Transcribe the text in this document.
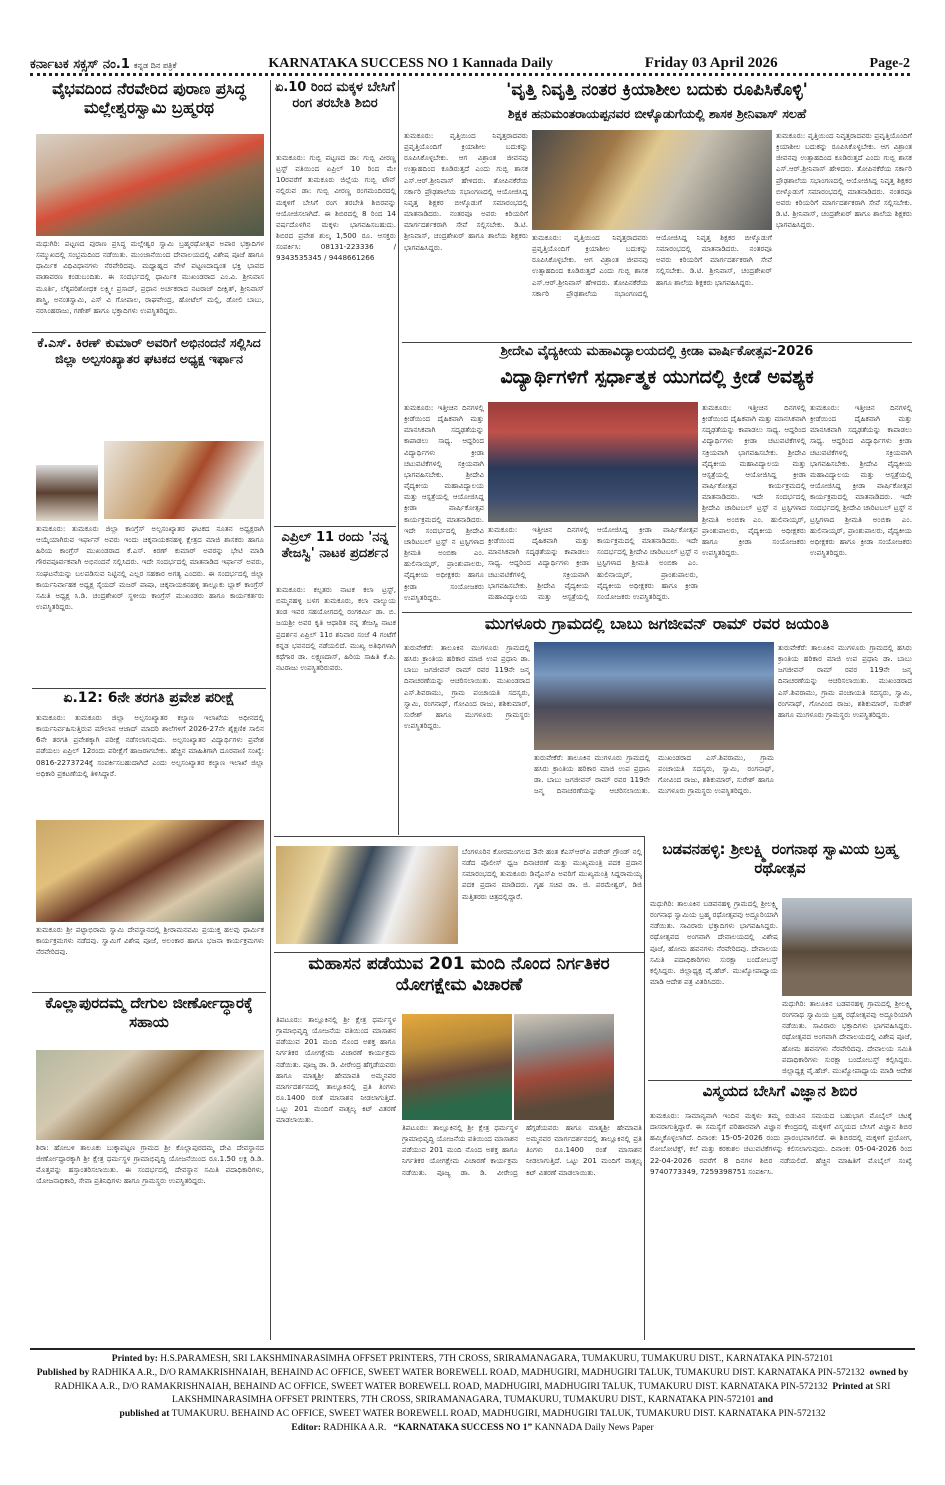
ಕರ್ನಾಟಕ ಸಕ್ಸಸ್ ನಂ.1 ಕನ್ನಡ ದಿನ ಪತ್ರಿಕೆ	KARNATAKA SUCCESS NO 1 Kannada Daily	Friday 03 April 2026	Page-2
ವೈಭವದಿಂದ ನೆರವೇರಿದ ಪುರಾಣ ಪ್ರಸಿದ್ಧ ಮಲ್ಲೇಶ್ವರಸ್ವಾಮಿ ಬ್ರಹ್ಮರಥ
ಮಧುಗಿರಿ: ಪಟ್ಟಣದ ಪುರಾಣ ಪ್ರಸಿದ್ಧ ಮಲ್ಲೇಶ್ವರ ಸ್ವಾಮಿ ಬ್ರಹ್ಮರಥೋತ್ಸವ ಅಪಾರ ಭಕ್ತಾದಿಗಳ ಸಮ್ಮುಖದಲ್ಲಿ ಸಂಭ್ರಮದಿಂದ ನಡೆಯಿತು. ಮುಂಜಾನೆಯಿಂದ ದೇವಾಲಯದಲ್ಲಿ ವಿಶೇಷ ಪೂಜೆ ಹಾಗೂ ಧಾರ್ಮಿಕ ವಿಧಿವಿಧಾನಗಳು ನೆರವೇರಿದವು. ಮಧ್ಯಾಹ್ನದ ವೇಳೆ ಪಟ್ಟಣದಾದ್ಯಂತ ಭಕ್ತಿ ಭಾವದ ವಾತಾವರಣ ಕಂಡುಬಂದಿತು. ಈ ಸಂದರ್ಭದಲ್ಲಿ ಧಾರ್ಮಿಕ ಮುಖಂಡರಾದ ಎಂ.ವಿ. ಶ್ರೀನಿವಾಸ ಮೂರ್ತಿ, ಲೆಕ್ಕಪರಿಶೋಧಕ ಲಕ್ಷ್ಮೀ ಪ್ರಸಾದ್, ಪ್ರಧಾನ ಅರ್ಚಕರಾದ ನಟರಾಜ್ ದೀಕ್ಷಿತ್, ಶ್ರೀನಿವಾಸ್ ಶಾಸ್ತ್ರಿ, ಅನಂತಸ್ವಾಮಿ, ಎಸ್ ವಿ ಗೋಪಾಲ, ರಾಘವೇಂದ್ರ, ಹೋಟೆಲ್ ಮಲ್ಲಿ, ಡೋಲಿ ಬಾಬು, ನರಸಿಂಹರಾಜು, ಗಣೇಶ್ ಹಾಗೂ ಭಕ್ತಾದಿಗಳು ಉಪಸ್ಥಿತರಿದ್ದರು.
ಕೆ.ಎಸ್. ಕಿರಣ್ ಕುಮಾರ್ ಅವರಿಗೆ ಅಭಿನಂದನೆ ಸಲ್ಲಿಸಿದ ಜಿಲ್ಲಾ ಅಲ್ಪಸಂಖ್ಯಾತರ ಘಟಕದ ಅಧ್ಯಕ್ಷ ಇರ್ಫಾನ
ತುಮಕೂರು: ತುಮಕೂರು ಜಿಲ್ಲಾ ಕಾಂಗ್ರೆಸ್ ಅಲ್ಪಸಂಖ್ಯಾತರ ಘಟಕದ ನೂತನ ಅಧ್ಯಕ್ಷರಾಗಿ ಆಯ್ಕೆಯಾಗಿರುವ ಇರ್ಫಾನ್ ಅವರು ಇಂದು ಚಿಕ್ಕನಾಯಕನಹಳ್ಳಿ ಕ್ಷೇತ್ರದ ಮಾಜಿ ಶಾಸಕರು ಹಾಗೂ ಹಿರಿಯ ಕಾಂಗ್ರೆಸ್ ಮುಖಂಡರಾದ ಕೆ.ಎಸ್. ಕಿರಣ್ ಕುಮಾರ್ ಅವರನ್ನು ಭೇಟಿ ಮಾಡಿ ಗೌರವಪೂರ್ವಕವಾಗಿ ಅಭಿನಂದನೆ ಸಲ್ಲಿಸಿದರು. ಇದೇ ಸಂದರ್ಭದಲ್ಲಿ ಮಾತನಾಡಿದ ಇರ್ಫಾನ್ ಅವರು, ಸಂಘಟನೆಯನ್ನು ಬಲಪಡಿಸುವ ನಿಟ್ಟಿನಲ್ಲಿ ಎಲ್ಲರ ಸಹಕಾರ ಅಗತ್ಯ ಎಂದರು. ಈ ಸಂದರ್ಭದಲ್ಲಿ ಜಿಲ್ಲಾ ಕಾರ್ಯನಿರ್ವಾಹಕ ಅಧ್ಯಕ್ಷ ಸೈಯದ್ ಮಜರ್ ಪಾಷಾ, ಚಿಕ್ಕನಾಯಕನಹಳ್ಳಿ ತಾಲ್ಲೂಕು ಬ್ಲಾಕ್ ಕಾಂಗ್ರೆಸ್ ಸಮಿತಿ ಅಧ್ಯಕ್ಷ ಸಿ.ಡಿ. ಚಂದ್ರಶೇಖರ್ ಸ್ಥಳೀಯ ಕಾಂಗ್ರೆಸ್ ಮುಖಂಡರು ಹಾಗೂ ಕಾರ್ಯಕರ್ತರು ಉಪಸ್ಥಿತರಿದ್ದರು.
ಏ.12: 6ನೇ ತರಗತಿ ಪ್ರವೇಶ ಪರೀಕ್ಷೆ
ತುಮಕೂರು: ತುಮಕೂರು ಜಿಲ್ಲಾ ಅಲ್ಪಸಂಖ್ಯಾತರ ಕಲ್ಯಾಣ ಇಲಾಖೆಯ ಅಧೀನದಲ್ಲಿ ಕಾರ್ಯನಿರ್ವಹಿಸುತ್ತಿರುವ ಮೌಲಾನ ಆಜಾದ್ ಮಾದರಿ ಶಾಲೆಗಳಿಗೆ 2026-27ನೇ ಶೈಕ್ಷಣಿಕ ಸಾಲಿನ 6ನೇ ತರಗತಿ ಪ್ರವೇಶಕ್ಕಾಗಿ ಪರೀಕ್ಷೆ ನಡೆಸಲಾಗುವುದು. ಅಲ್ಪಸಂಖ್ಯಾತರ ವಿದ್ಯಾರ್ಥಿಗಳು ಪ್ರವೇಶ ಪಡೆಯಲು ಏಪ್ರಿಲ್ 12ರಂದು ಪರೀಕ್ಷೆಗೆ ಹಾಜರಾಗಬೇಕು. ಹೆಚ್ಚಿನ ಮಾಹಿತಿಗಾಗಿ ದೂರವಾಣಿ ಸಂಖ್ಯೆ: 0816-2273724ಕ್ಕೆ ಸಂಪರ್ಕಿಸಬಹುದಾಗಿದೆ ಎಂದು ಅಲ್ಪಸಂಖ್ಯಾತರ ಕಲ್ಯಾಣ ಇಲಾಖೆ ಜಿಲ್ಲಾ ಅಧಿಕಾರಿ ಪ್ರಕಟಣೆಯಲ್ಲಿ ತಿಳಿಸಿದ್ದಾರೆ.
ತುಮಕೂರು ಶ್ರೀ ಪಟ್ಟಾಭಿರಾಮ ಸ್ವಾಮಿ ದೇವಸ್ಥಾನದಲ್ಲಿ ಶ್ರೀರಾಮನವಮಿ ಪ್ರಯುಕ್ತ ಹಲವು ಧಾರ್ಮಿಕ ಕಾರ್ಯಕ್ರಮಗಳು ನಡೆದವು. ಸ್ವಾಮಿಗೆ ವಿಶೇಷ ಪೂಜೆ, ಅಲಂಕಾರ ಹಾಗೂ ಭಜನಾ ಕಾರ್ಯಕ್ರಮಗಳು ನೆರವೇರಿದವು.
ಕೊಲ್ಲಾಪುರದಮ್ಮ ದೇಗುಲ ಜೀರ್ಣೋದ್ಧಾರಕ್ಕೆ ಸಹಾಯ
ಶಿರಾ: ಹೋಬಳಿ ತಾಲೂಕು ಬುಕ್ಕಾಪಟ್ಟಣ ಗ್ರಾಮದ ಶ್ರೀ ಕೊಲ್ಲಾಪುರದಮ್ಮ ದೇವಿ ದೇವಸ್ಥಾನದ ಜೀರ್ಣೋದ್ಧಾರಕ್ಕಾಗಿ ಶ್ರೀ ಕ್ಷೇತ್ರ ಧರ್ಮಸ್ಥಳ ಗ್ರಾಮಾಭಿವೃದ್ಧಿ ಯೋಜನೆಯಿಂದ ರೂ.1.50 ಲಕ್ಷ ಡಿ.ಡಿ. ಮೊತ್ತವನ್ನು ಹಸ್ತಾಂತರಿಸಲಾಯಿತು. ಈ ಸಂದರ್ಭದಲ್ಲಿ ದೇವಸ್ಥಾನ ಸಮಿತಿ ಪದಾಧಿಕಾರಿಗಳು, ಯೋಜನಾಧಿಕಾರಿ, ಸೇವಾ ಪ್ರತಿನಿಧಿಗಳು ಹಾಗೂ ಗ್ರಾಮಸ್ಥರು ಉಪಸ್ಥಿತರಿದ್ದರು.
ಏ.10 ರಿಂದ ಮಕ್ಕಳ ಬೇಸಿಗೆ ರಂಗ ತರಬೇತಿ ಶಿಬಿರ
ತುಮಕೂರು: ಗುಬ್ಬಿ ಪಟ್ಟಣದ ಡಾ: ಗುಬ್ಬಿ ವೀರಣ್ಣ ಟ್ರಸ್ಟ್ ವತಿಯಿಂದ ಏಪ್ರಿಲ್ 10 ರಿಂದ ಮೇ 10ರವರೆಗೆ ತುಮಕೂರು ಜಿಲ್ಲೆಯ ಗುಬ್ಬಿ ಟೌನ್ ನಲ್ಲಿರುವ ಡಾ: ಗುಬ್ಬಿ ವೀರಣ್ಣ ರಂಗಮಂದಿರದಲ್ಲಿ ಮಕ್ಕಳಿಗೆ ಬೇಸಿಗೆ ರಂಗ ತರಬೇತಿ ಶಿಬಿರವನ್ನು ಆಯೋಜಿಸಲಾಗಿದೆ. ಈ ಶಿಬಿರದಲ್ಲಿ 8 ರಿಂದ 14 ವರ್ಷದೊಳಗಿನ ಮಕ್ಕಳು ಭಾಗವಹಿಸಬಹುದು. ಶಿಬಿರದ ಪ್ರವೇಶ ಶುಲ್ಕ 1,500 ರೂ. ಆಸಕ್ತರು ಸಂಪರ್ಕಿಸಿ: 08131-223336 / 9343535345 / 9448661266
ಎಪ್ರಿಲ್ 11 ರಂದು 'ನನ್ನ ತೇಜಸ್ವಿ' ನಾಟಕ ಪ್ರದರ್ಶನ
ತುಮಕೂರು: ಕಲ್ಪತರು ನಾಟಕ ಕಲಾ ಟ್ರಸ್ಟ್, ಬಿಮ್ಮನಹಳ್ಳಿ ಬಳಗ ತುಮಕೂರು, ಕಲಾ ವಾಲ್ಯುಯ ತಂಡ ಇವರ ಸಹಯೋಗದಲ್ಲಿ ರಂಗಕರ್ಮಿ ಡಾ. ಬಿ. ಜಯಶ್ರೀ ಅವರ ಕೃತಿ ಆಧಾರಿತ ನನ್ನ ತೇಜಸ್ವಿ ನಾಟಕ ಪ್ರದರ್ಶನ ಏಪ್ರಿಲ್ 11ರ ಶನಿವಾರ ಸಂಜೆ 4 ಗಂಟೆಗೆ ಕನ್ನಡ ಭವನದಲ್ಲಿ ನಡೆಯಲಿದೆ. ಮುಖ್ಯ ಅತಿಥಿಗಳಾಗಿ ಕಥೆಗಾರ ಡಾ. ಲಕ್ಷ್ಮಣದಾಸ್, ಹಿರಿಯ ಸಾಹಿತಿ ಕೆ.ಪಿ. ನಟರಾಜು ಉಪಸ್ಥಿತರಿರುವರು.
'ವೃತ್ತಿ ನಿವೃತ್ತಿ ನಂತರ ಕ್ರಿಯಾಶೀಲ ಬದುಕು ರೂಪಿಸಿಕೊಳ್ಳಿ'
ಶಿಕ್ಷಕ ಹನುಮಂತರಾಯಪ್ಪನವರ ಬೀಳ್ಕೊಡುಗೆಯಲ್ಲಿ ಶಾಸಕ ಶ್ರೀನಿವಾಸ್ ಸಲಹೆ
ತುಮಕೂರು: ವೃತ್ತಿಯಿಂದ ನಿವೃತ್ತರಾದವರು ಪ್ರವೃತ್ತಿಯೊಂದಿಗೆ ಕ್ರಿಯಾಶೀಲ ಬದುಕನ್ನು ರೂಪಿಸಿಕೊಳ್ಳಬೇಕು. ಆಗ ವಿಶ್ರಾಂತ ಜೀವನವು ಉತ್ಸಾಹದಿಂದ ಕೂಡಿರುತ್ತದೆ ಎಂದು ಗುಬ್ಬಿ ಶಾಸಕ ಎಸ್.ಆರ್.ಶ್ರೀನಿವಾಸ್ ಹೇಳಿದರು. ತೋಪಿನಕೆರೆಯ ಸರ್ಕಾರಿ ಪ್ರೌಢಶಾಲೆಯ ಸಭಾಂಗಣದಲ್ಲಿ ಆಯೋಜಿಸಿದ್ದ ನಿವೃತ್ತ ಶಿಕ್ಷಕರ ಬೀಳ್ಕೊಡುಗೆ ಸಮಾರಂಭದಲ್ಲಿ ಮಾತನಾಡಿದರು. ನಂತರವೂ ಅವರು ಕಿರಿಯರಿಗೆ ಮಾರ್ಗದರ್ಶಕರಾಗಿ ಸೇವೆ ಸಲ್ಲಿಸಬೇಕು. ಡಿ.ಟಿ. ಶ್ರೀನಿವಾಸ್, ಚಂದ್ರಶೇಖರ್ ಹಾಗೂ ಶಾಲೆಯ ಶಿಕ್ಷಕರು ಭಾಗವಹಿಸಿದ್ದರು.
ತುಮಕೂರು: ವೃತ್ತಿಯಿಂದ ನಿವೃತ್ತರಾದವರು ಪ್ರವೃತ್ತಿಯೊಂದಿಗೆ ಕ್ರಿಯಾಶೀಲ ಬದುಕನ್ನು ರೂಪಿಸಿಕೊಳ್ಳಬೇಕು. ಆಗ ವಿಶ್ರಾಂತ ಜೀವನವು ಉತ್ಸಾಹದಿಂದ ಕೂಡಿರುತ್ತದೆ ಎಂದು ಗುಬ್ಬಿ ಶಾಸಕ ಎಸ್.ಆರ್.ಶ್ರೀನಿವಾಸ್ ಹೇಳಿದರು. ತೋಪಿನಕೆರೆಯ ಸರ್ಕಾರಿ ಪ್ರೌಢಶಾಲೆಯ ಸಭಾಂಗಣದಲ್ಲಿ ಆಯೋಜಿಸಿದ್ದ ನಿವೃತ್ತ ಶಿಕ್ಷಕರ ಬೀಳ್ಕೊಡುಗೆ ಸಮಾರಂಭದಲ್ಲಿ ಮಾತನಾಡಿದರು. ನಂತರವೂ ಅವರು ಕಿರಿಯರಿಗೆ ಮಾರ್ಗದರ್ಶಕರಾಗಿ ಸೇವೆ ಸಲ್ಲಿಸಬೇಕು. ಡಿ.ಟಿ. ಶ್ರೀನಿವಾಸ್, ಚಂದ್ರಶೇಖರ್ ಹಾಗೂ ಶಾಲೆಯ ಶಿಕ್ಷಕರು ಭಾಗವಹಿಸಿದ್ದರು.
ತುಮಕೂರು: ವೃತ್ತಿಯಿಂದ ನಿವೃತ್ತರಾದವರು ಪ್ರವೃತ್ತಿಯೊಂದಿಗೆ ಕ್ರಿಯಾಶೀಲ ಬದುಕನ್ನು ರೂಪಿಸಿಕೊಳ್ಳಬೇಕು. ಆಗ ವಿಶ್ರಾಂತ ಜೀವನವು ಉತ್ಸಾಹದಿಂದ ಕೂಡಿರುತ್ತದೆ ಎಂದು ಗುಬ್ಬಿ ಶಾಸಕ ಎಸ್.ಆರ್.ಶ್ರೀನಿವಾಸ್ ಹೇಳಿದರು. ತೋಪಿನಕೆರೆಯ ಸರ್ಕಾರಿ ಪ್ರೌಢಶಾಲೆಯ ಸಭಾಂಗಣದಲ್ಲಿ ಆಯೋಜಿಸಿದ್ದ ನಿವೃತ್ತ ಶಿಕ್ಷಕರ ಬೀಳ್ಕೊಡುಗೆ ಸಮಾರಂಭದಲ್ಲಿ ಮಾತನಾಡಿದರು. ನಂತರವೂ ಅವರು ಕಿರಿಯರಿಗೆ ಮಾರ್ಗದರ್ಶಕರಾಗಿ ಸೇವೆ ಸಲ್ಲಿಸಬೇಕು. ಡಿ.ಟಿ. ಶ್ರೀನಿವಾಸ್, ಚಂದ್ರಶೇಖರ್ ಹಾಗೂ ಶಾಲೆಯ ಶಿಕ್ಷಕರು ಭಾಗವಹಿಸಿದ್ದರು.
ಶ್ರೀದೇವಿ ವೈದ್ಯಕೀಯ ಮಹಾವಿದ್ಯಾಲಯದಲ್ಲಿ ಕ್ರೀಡಾ ವಾರ್ಷಿಕೋತ್ಸವ-2026
ವಿದ್ಯಾರ್ಥಿಗಳಿಗೆ ಸ್ಪರ್ಧಾತ್ಮಕ ಯುಗದಲ್ಲಿ ಕ್ರೀಡೆ ಅವಶ್ಯಕ
ತುಮಕೂರು: ಇತ್ತೀಚಿನ ದಿನಗಳಲ್ಲಿ ಕ್ರೀಡೆಯಿಂದ ದೈಹಿಕವಾಗಿ ಮತ್ತು ಮಾನಸಿಕವಾಗಿ ಸದೃಢತೆಯನ್ನು ಕಾಪಾಡಲು ಸಾಧ್ಯ. ಆದ್ದರಿಂದ ವಿದ್ಯಾರ್ಥಿಗಳು ಕ್ರೀಡಾ ಚಟುವಟಿಕೆಗಳಲ್ಲಿ ಸಕ್ರಿಯವಾಗಿ ಭಾಗವಹಿಸಬೇಕು. ಶ್ರೀದೇವಿ ವೈದ್ಯಕೀಯ ಮಹಾವಿದ್ಯಾಲಯ ಮತ್ತು ಆಸ್ಪತ್ರೆಯಲ್ಲಿ ಆಯೋಜಿಸಿದ್ದ ಕ್ರೀಡಾ ವಾರ್ಷಿಕೋತ್ಸವ ಕಾರ್ಯಕ್ರಮದಲ್ಲಿ ಮಾತನಾಡಿದರು. ಇದೇ ಸಂದರ್ಭದಲ್ಲಿ ಶ್ರೀದೇವಿ ಚಾರಿಟಬಲ್ ಟ್ರಸ್ಟ್ ನ ಟ್ರಸ್ಟಿಗಳಾದ ಶ್ರೀಮತಿ ಅಂಬಿಕಾ ಎಂ. ಹುಲಿನಾಯ್ಕರ್, ಪ್ರಾಂಶುಪಾಲರು, ವೈದ್ಯಕೀಯ ಅಧೀಕ್ಷಕರು ಹಾಗೂ ಕ್ರೀಡಾ ಸಂಯೋಜಕರು ಉಪಸ್ಥಿತರಿದ್ದರು.
ತುಮಕೂರು: ಇತ್ತೀಚಿನ ದಿನಗಳಲ್ಲಿ ಕ್ರೀಡೆಯಿಂದ ದೈಹಿಕವಾಗಿ ಮತ್ತು ಮಾನಸಿಕವಾಗಿ ಸದೃಢತೆಯನ್ನು ಕಾಪಾಡಲು ಸಾಧ್ಯ. ಆದ್ದರಿಂದ ವಿದ್ಯಾರ್ಥಿಗಳು ಕ್ರೀಡಾ ಚಟುವಟಿಕೆಗಳಲ್ಲಿ ಸಕ್ರಿಯವಾಗಿ ಭಾಗವಹಿಸಬೇಕು. ಶ್ರೀದೇವಿ ವೈದ್ಯಕೀಯ ಮಹಾವಿದ್ಯಾಲಯ ಮತ್ತು ಆಸ್ಪತ್ರೆಯಲ್ಲಿ ಆಯೋಜಿಸಿದ್ದ ಕ್ರೀಡಾ ವಾರ್ಷಿಕೋತ್ಸವ ಕಾರ್ಯಕ್ರಮದಲ್ಲಿ ಮಾತನಾಡಿದರು. ಇದೇ ಸಂದರ್ಭದಲ್ಲಿ ಶ್ರೀದೇವಿ ಚಾರಿಟಬಲ್ ಟ್ರಸ್ಟ್ ನ ಟ್ರಸ್ಟಿಗಳಾದ ಶ್ರೀಮತಿ ಅಂಬಿಕಾ ಎಂ. ಹುಲಿನಾಯ್ಕರ್, ಪ್ರಾಂಶುಪಾಲರು, ವೈದ್ಯಕೀಯ ಅಧೀಕ್ಷಕರು ಹಾಗೂ ಕ್ರೀಡಾ ಸಂಯೋಜಕರು ಉಪಸ್ಥಿತರಿದ್ದರು.
ತುಮಕೂರು: ಇತ್ತೀಚಿನ ದಿನಗಳಲ್ಲಿ ಕ್ರೀಡೆಯಿಂದ ದೈಹಿಕವಾಗಿ ಮತ್ತು ಮಾನಸಿಕವಾಗಿ ಸದೃಢತೆಯನ್ನು ಕಾಪಾಡಲು ಸಾಧ್ಯ. ಆದ್ದರಿಂದ ವಿದ್ಯಾರ್ಥಿಗಳು ಕ್ರೀಡಾ ಚಟುವಟಿಕೆಗಳಲ್ಲಿ ಸಕ್ರಿಯವಾಗಿ ಭಾಗವಹಿಸಬೇಕು. ಶ್ರೀದೇವಿ ವೈದ್ಯಕೀಯ ಮಹಾವಿದ್ಯಾಲಯ ಮತ್ತು ಆಸ್ಪತ್ರೆಯಲ್ಲಿ ಆಯೋಜಿಸಿದ್ದ ಕ್ರೀಡಾ ವಾರ್ಷಿಕೋತ್ಸವ ಕಾರ್ಯಕ್ರಮದಲ್ಲಿ ಮಾತನಾಡಿದರು. ಇದೇ ಸಂದರ್ಭದಲ್ಲಿ ಶ್ರೀದೇವಿ ಚಾರಿಟಬಲ್ ಟ್ರಸ್ಟ್ ನ ಟ್ರಸ್ಟಿಗಳಾದ ಶ್ರೀಮತಿ ಅಂಬಿಕಾ ಎಂ. ಹುಲಿನಾಯ್ಕರ್, ಪ್ರಾಂಶುಪಾಲರು, ವೈದ್ಯಕೀಯ ಅಧೀಕ್ಷಕರು ಹಾಗೂ ಕ್ರೀಡಾ ಸಂಯೋಜಕರು ಉಪಸ್ಥಿತರಿದ್ದರು.
ತುಮಕೂರು: ಇತ್ತೀಚಿನ ದಿನಗಳಲ್ಲಿ ಕ್ರೀಡೆಯಿಂದ ದೈಹಿಕವಾಗಿ ಮತ್ತು ಮಾನಸಿಕವಾಗಿ ಸದೃಢತೆಯನ್ನು ಕಾಪಾಡಲು ಸಾಧ್ಯ. ಆದ್ದರಿಂದ ವಿದ್ಯಾರ್ಥಿಗಳು ಕ್ರೀಡಾ ಚಟುವಟಿಕೆಗಳಲ್ಲಿ ಸಕ್ರಿಯವಾಗಿ ಭಾಗವಹಿಸಬೇಕು. ಶ್ರೀದೇವಿ ವೈದ್ಯಕೀಯ ಮಹಾವಿದ್ಯಾಲಯ ಮತ್ತು ಆಸ್ಪತ್ರೆಯಲ್ಲಿ ಆಯೋಜಿಸಿದ್ದ ಕ್ರೀಡಾ ವಾರ್ಷಿಕೋತ್ಸವ ಕಾರ್ಯಕ್ರಮದಲ್ಲಿ ಮಾತನಾಡಿದರು. ಇದೇ ಸಂದರ್ಭದಲ್ಲಿ ಶ್ರೀದೇವಿ ಚಾರಿಟಬಲ್ ಟ್ರಸ್ಟ್ ನ ಟ್ರಸ್ಟಿಗಳಾದ ಶ್ರೀಮತಿ ಅಂಬಿಕಾ ಎಂ. ಹುಲಿನಾಯ್ಕರ್, ಪ್ರಾಂಶುಪಾಲರು, ವೈದ್ಯಕೀಯ ಅಧೀಕ್ಷಕರು ಹಾಗೂ ಕ್ರೀಡಾ ಸಂಯೋಜಕರು ಉಪಸ್ಥಿತರಿದ್ದರು.
ಮುಗಳೂರು ಗ್ರಾಮದಲ್ಲಿ ಬಾಬು ಜಗಜೀವನ್ ರಾಮ್ ರವರ ಜಯಂತಿ
ತುರುವೇಕೆರೆ: ತಾಲೂಕಿನ ಮುಗಳೂರು ಗ್ರಾಮದಲ್ಲಿ ಹಸಿರು ಕ್ರಾಂತಿಯ ಹರಿಕಾರ ಮಾಜಿ ಉಪ ಪ್ರಧಾನಿ ಡಾ. ಬಾಬು ಜಗಜೀವನ್ ರಾಮ್ ರವರ 119ನೇ ಜನ್ಮ ದಿನಾಚರಣೆಯನ್ನು ಆಚರಿಸಲಾಯಿತು. ಮುಖಂಡರಾದ ಎಸ್.ಶಿವರಾಮು, ಗ್ರಾಮ ಪಂಚಾಯತಿ ಸದಸ್ಯರು, ಸ್ವಾಮಿ, ರಂಗನಾಥ್, ಗೋವಿಂದ ರಾಜು, ಶಶಿಕುಮಾರ್, ಸುರೇಶ್ ಹಾಗೂ ಮುಗಳೂರು ಗ್ರಾಮಸ್ಥರು ಉಪಸ್ಥಿತರಿದ್ದರು.
ತುರುವೇಕೆರೆ: ತಾಲೂಕಿನ ಮುಗಳೂರು ಗ್ರಾಮದಲ್ಲಿ ಹಸಿರು ಕ್ರಾಂತಿಯ ಹರಿಕಾರ ಮಾಜಿ ಉಪ ಪ್ರಧಾನಿ ಡಾ. ಬಾಬು ಜಗಜೀವನ್ ರಾಮ್ ರವರ 119ನೇ ಜನ್ಮ ದಿನಾಚರಣೆಯನ್ನು ಆಚರಿಸಲಾಯಿತು. ಮುಖಂಡರಾದ ಎಸ್.ಶಿವರಾಮು, ಗ್ರಾಮ ಪಂಚಾಯತಿ ಸದಸ್ಯರು, ಸ್ವಾಮಿ, ರಂಗನಾಥ್, ಗೋವಿಂದ ರಾಜು, ಶಶಿಕುಮಾರ್, ಸುರೇಶ್ ಹಾಗೂ ಮುಗಳೂರು ಗ್ರಾಮಸ್ಥರು ಉಪಸ್ಥಿತರಿದ್ದರು.
ತುರುವೇಕೆರೆ: ತಾಲೂಕಿನ ಮುಗಳೂರು ಗ್ರಾಮದಲ್ಲಿ ಹಸಿರು ಕ್ರಾಂತಿಯ ಹರಿಕಾರ ಮಾಜಿ ಉಪ ಪ್ರಧಾನಿ ಡಾ. ಬಾಬು ಜಗಜೀವನ್ ರಾಮ್ ರವರ 119ನೇ ಜನ್ಮ ದಿನಾಚರಣೆಯನ್ನು ಆಚರಿಸಲಾಯಿತು. ಮುಖಂಡರಾದ ಎಸ್.ಶಿವರಾಮು, ಗ್ರಾಮ ಪಂಚಾಯತಿ ಸದಸ್ಯರು, ಸ್ವಾಮಿ, ರಂಗನಾಥ್, ಗೋವಿಂದ ರಾಜು, ಶಶಿಕುಮಾರ್, ಸುರೇಶ್ ಹಾಗೂ ಮುಗಳೂರು ಗ್ರಾಮಸ್ಥರು ಉಪಸ್ಥಿತರಿದ್ದರು.
ಬೆಂಗಳೂರಿನ ಕೋರಮಂಗಲದ 3ನೇ ಹಂತ ಕೆಎಸ್ಆರ್‌ಪಿ ಪರೇಡ್ ಗ್ರೌಂಡ್ ನಲ್ಲಿ ನಡೆದ ಪೊಲೀಸ್ ಧ್ವಜ ದಿನಾಚರಣೆ ಮತ್ತು ಮುಖ್ಯಮಂತ್ರಿ ಪದಕ ಪ್ರದಾನ ಸಮಾರಂಭದಲ್ಲಿ ತುಮಕೂರು ಡಿವೈಎಸ್‌ಪಿ ಅವರಿಗೆ ಮುಖ್ಯಮಂತ್ರಿ ಸಿದ್ದರಾಮಯ್ಯ ಪದಕ ಪ್ರದಾನ ಮಾಡಿದರು. ಗೃಹ ಸಚಿವ ಡಾ. ಜಿ. ಪರಮೇಶ್ವರ್, ಡಿಜಿ ಮತ್ತಿತರರು ಚಿತ್ರದಲ್ಲಿದ್ದಾರೆ.
ಮಹಾಸನ ಪಡೆಯುವ 201 ಮಂದಿ ನೊಂದ ನಿರ್ಗತಿಕರ ಯೋಗಕ್ಷೇಮ ವಿಚಾರಣೆ
ತಿಪಟೂರು: ತಾಲ್ಲೂಕಿನಲ್ಲಿ ಶ್ರೀ ಕ್ಷೇತ್ರ ಧರ್ಮಸ್ಥಳ ಗ್ರಾಮಾಭಿವೃದ್ಧಿ ಯೋಜನೆಯ ವತಿಯಿಂದ ಮಾಸಾಶನ ಪಡೆಯುವ 201 ಮಂದಿ ನೊಂದ ಅಶಕ್ತ ಹಾಗೂ ನಿರ್ಗತಿಕರ ಯೋಗಕ್ಷೇಮ ವಿಚಾರಣೆ ಕಾರ್ಯಕ್ರಮ ನಡೆಯಿತು. ಪೂಜ್ಯ ಡಾ. ಡಿ. ವೀರೇಂದ್ರ ಹೆಗ್ಗಡೆಯವರು ಹಾಗೂ ಮಾತೃಶ್ರೀ ಹೇಮಾವತಿ ಅಮ್ಮನವರ ಮಾರ್ಗದರ್ಶನದಲ್ಲಿ ತಾಲ್ಲೂಕಿನಲ್ಲಿ ಪ್ರತಿ ತಿಂಗಳು ರೂ.1400 ರಂತೆ ಮಾಸಾಶನ ನೀಡಲಾಗುತ್ತಿದೆ. ಒಟ್ಟು 201 ಮಂದಿಗೆ ವಾತ್ಸಲ್ಯ ಕಿಟ್ ವಿತರಣೆ ಮಾಡಲಾಯಿತು.
ತಿಪಟೂರು: ತಾಲ್ಲೂಕಿನಲ್ಲಿ ಶ್ರೀ ಕ್ಷೇತ್ರ ಧರ್ಮಸ್ಥಳ ಗ್ರಾಮಾಭಿವೃದ್ಧಿ ಯೋಜನೆಯ ವತಿಯಿಂದ ಮಾಸಾಶನ ಪಡೆಯುವ 201 ಮಂದಿ ನೊಂದ ಅಶಕ್ತ ಹಾಗೂ ನಿರ್ಗತಿಕರ ಯೋಗಕ್ಷೇಮ ವಿಚಾರಣೆ ಕಾರ್ಯಕ್ರಮ ನಡೆಯಿತು. ಪೂಜ್ಯ ಡಾ. ಡಿ. ವೀರೇಂದ್ರ ಹೆಗ್ಗಡೆಯವರು ಹಾಗೂ ಮಾತೃಶ್ರೀ ಹೇಮಾವತಿ ಅಮ್ಮನವರ ಮಾರ್ಗದರ್ಶನದಲ್ಲಿ ತಾಲ್ಲೂಕಿನಲ್ಲಿ ಪ್ರತಿ ತಿಂಗಳು ರೂ.1400 ರಂತೆ ಮಾಸಾಶನ ನೀಡಲಾಗುತ್ತಿದೆ. ಒಟ್ಟು 201 ಮಂದಿಗೆ ವಾತ್ಸಲ್ಯ ಕಿಟ್ ವಿತರಣೆ ಮಾಡಲಾಯಿತು.
ಬಡವನಹಳ್ಳಿ: ಶ್ರೀಲಕ್ಷ್ಮಿ ರಂಗನಾಥ ಸ್ವಾಮಿಯ ಬ್ರಹ್ಮ ರಥೋತ್ಸವ
ಮಧುಗಿರಿ: ತಾಲೂಕಿನ ಬಡವನಹಳ್ಳಿ ಗ್ರಾಮದಲ್ಲಿ ಶ್ರೀಲಕ್ಷ್ಮಿ ರಂಗನಾಥ ಸ್ವಾಮಿಯ ಬ್ರಹ್ಮ ರಥೋತ್ಸವವು ಅದ್ದೂರಿಯಾಗಿ ನಡೆಯಿತು. ಸಾವಿರಾರು ಭಕ್ತಾದಿಗಳು ಭಾಗವಹಿಸಿದ್ದರು. ರಥೋತ್ಸವದ ಅಂಗವಾಗಿ ದೇವಾಲಯದಲ್ಲಿ ವಿಶೇಷ ಪೂಜೆ, ಹೋಮ ಹವನಗಳು ನೆರವೇರಿದವು. ದೇವಾಲಯ ಸಮಿತಿ ಪದಾಧಿಕಾರಿಗಳು ಸುರಕ್ಷಾ ಬಂದೋಬಸ್ತ್ ಕಲ್ಪಿಸಿದ್ದರು. ಜಿಲ್ಲಾಧ್ಯಕ್ಷ ವೈ.ಹೆಚ್. ಮುಖ್ಯೋಪಾಧ್ಯಾಯ ಮಾಡಿ ಆದೇಶ ಪತ್ರ ವಿತರಿಸಿದರು.
ಮಧುಗಿರಿ: ತಾಲೂಕಿನ ಬಡವನಹಳ್ಳಿ ಗ್ರಾಮದಲ್ಲಿ ಶ್ರೀಲಕ್ಷ್ಮಿ ರಂಗನಾಥ ಸ್ವಾಮಿಯ ಬ್ರಹ್ಮ ರಥೋತ್ಸವವು ಅದ್ದೂರಿಯಾಗಿ ನಡೆಯಿತು. ಸಾವಿರಾರು ಭಕ್ತಾದಿಗಳು ಭಾಗವಹಿಸಿದ್ದರು. ರಥೋತ್ಸವದ ಅಂಗವಾಗಿ ದೇವಾಲಯದಲ್ಲಿ ವಿಶೇಷ ಪೂಜೆ, ಹೋಮ ಹವನಗಳು ನೆರವೇರಿದವು. ದೇವಾಲಯ ಸಮಿತಿ ಪದಾಧಿಕಾರಿಗಳು ಸುರಕ್ಷಾ ಬಂದೋಬಸ್ತ್ ಕಲ್ಪಿಸಿದ್ದರು. ಜಿಲ್ಲಾಧ್ಯಕ್ಷ ವೈ.ಹೆಚ್. ಮುಖ್ಯೋಪಾಧ್ಯಾಯ ಮಾಡಿ ಆದೇಶ
ವಿಸ್ಮಯದ ಬೇಸಿಗೆ ವಿಜ್ಞಾನ ಶಿಬಿರ
ತುಮಕೂರು: ಸಾಮಾನ್ಯವಾಗಿ ಇಂದಿನ ಮಕ್ಕಳು ತಮ್ಮ ಬಿಡುವಿನ ಸಮಯದ ಬಹುಭಾಗ ಮೊಬೈಲ್ ಚಟಕ್ಕೆ ದಾಸರಾಗುತ್ತಿದ್ದಾರೆ. ಈ ಸಮಸ್ಯೆಗೆ ಪರಿಹಾರವಾಗಿ ವಿಜ್ಞಾನ ಕೇಂದ್ರದಲ್ಲಿ ಮಕ್ಕಳಿಗೆ ವಿಸ್ಮಯದ ಬೇಸಿಗೆ ವಿಜ್ಞಾನ ಶಿಬಿರ ಹಮ್ಮಿಕೊಳ್ಳಲಾಗಿದೆ. ದಿನಾಂಕ: 15-05-2026 ರಂದು ಪ್ರಾರಂಭವಾಗಲಿದೆ. ಈ ಶಿಬಿರದಲ್ಲಿ ಮಕ್ಕಳಿಗೆ ಪ್ರಯೋಗ, ರೋಬೋಟಿಕ್ಸ್, ಕಲೆ ಮತ್ತು ಕರಕುಶಲ ಚಟುವಟಿಕೆಗಳನ್ನು ಕಲಿಸಲಾಗುವುದು. ದಿನಾಂಕ: 05-04-2026 ರಿಂದ 22-04-2026 ರವರೆಗೆ 8 ದಿನಗಳ ಶಿಬಿರ ನಡೆಯಲಿದೆ. ಹೆಚ್ಚಿನ ಮಾಹಿತಿಗೆ ಮೊಬೈಲ್ ಸಂಖ್ಯೆ 9740773349, 7259398751 ಸಂಪರ್ಕಿಸಿ.
Printed by: H.S.PARAMESH, SRI LAKSHMINARASIMHA OFFSET PRINTERS, 7TH CROSS, SRIRAMANAGARA, TUMAKURU, TUMAKURU DIST., KARNATAKA PIN-572101
Published by RADHIKA A.R., D/O RAMAKRISHNAIAH, BEHAIND AC OFFICE, SWEET WATER BOREWELL ROAD, MADHUGIRI, MADHUGIRI TALUK, TUMAKURU DIST. KARNATAKA PIN-572132 owned by RADHIKA A.R., D/O RAMAKRISHNAIAH, BEHAIND AC OFFICE, SWEET WATER BOREWELL ROAD, MADHUGIRI, MADHUGIRI TALUK, TUMAKURU DIST. KARNATAKA PIN-572132 Printed at SRI LAKSHMINARASIMHA OFFSET PRINTERS, 7TH CROSS, SRIRAMANAGARA, TUMAKURU, TUMAKURU DIST., KARNATAKA PIN-572101 and
published at TUMAKURU. BEHAIND AC OFFICE, SWEET WATER BOREWELL ROAD, MADHUGIRI, MADHUGIRI TALUK, TUMAKURU DIST. KARNATAKA PIN-572132
Editor: RADHIKA A.R. “KARNATAKA SUCCESS NO 1” KANNADA Daily News Paper
